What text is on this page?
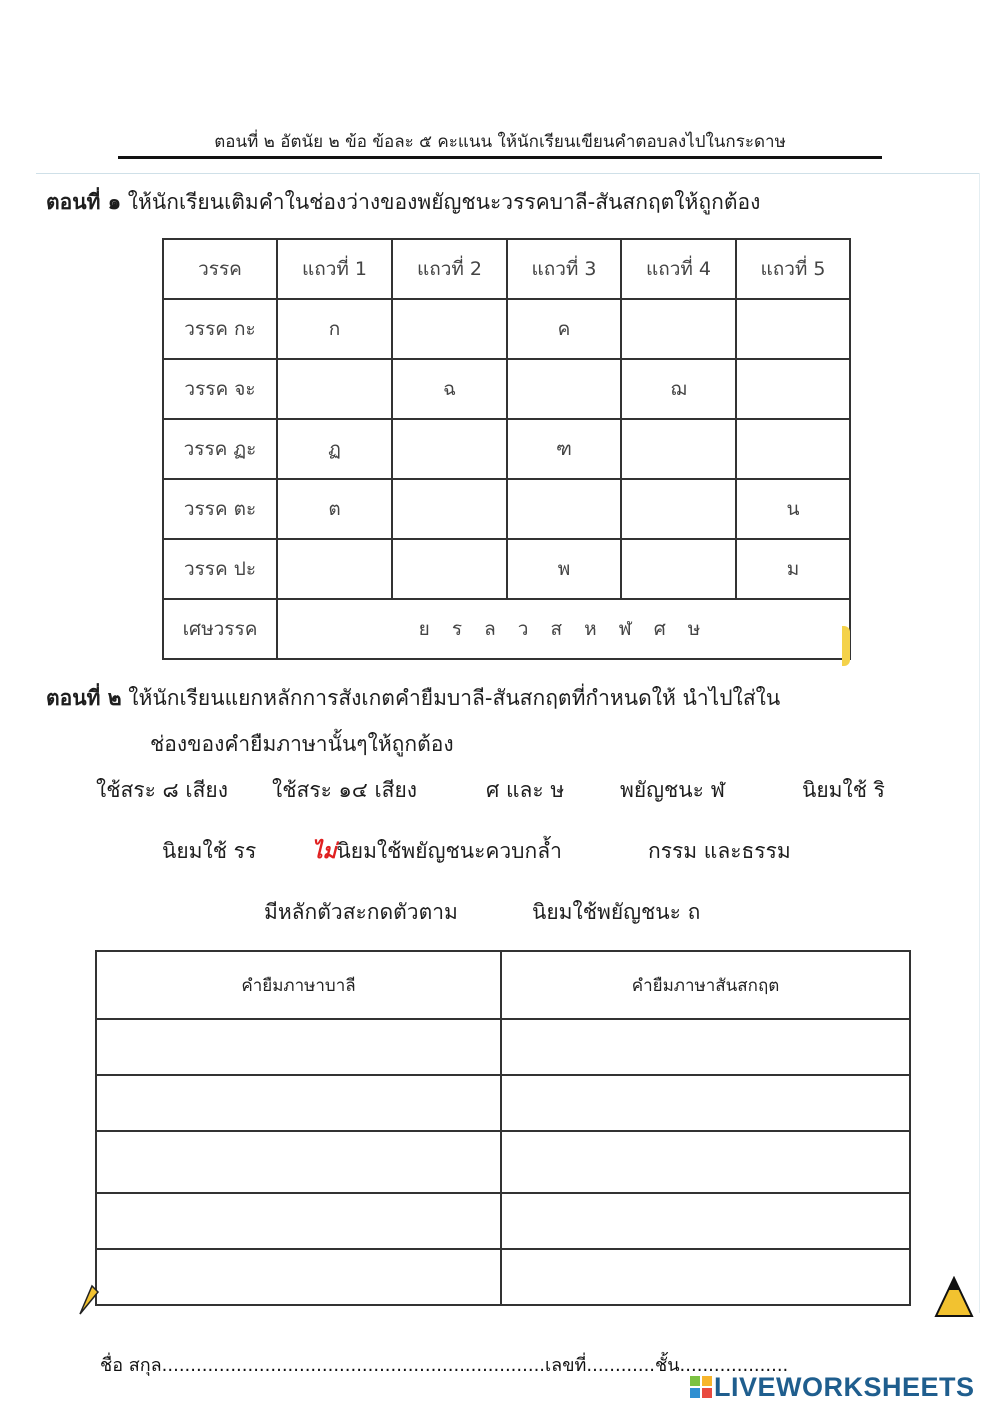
ตอนที่ ๒ อัตนัย ๒ ข้อ ข้อละ ๕ คะแนน ให้นักเรียนเขียนคำตอบลงไปในกระดาษ
ตอนที่ ๑ ให้นักเรียนเติมคำในช่องว่างของพยัญชนะวรรคบาลี-สันสกฤตให้ถูกต้อง
วรรค	แถวที่ 1	แถวที่ 2	แถวที่ 3	แถวที่ 4	แถวที่ 5
วรรค กะ	ก		ค		
วรรค จะ		ฉ		ฌ	
วรรค ฏะ	ฏ		ฑ		
วรรค ตะ	ต				น
วรรค ปะ			พ		ม
เศษวรรค	ย ร ล ว ส ห ฬ ศ ษ				
ตอนที่ ๒ ให้นักเรียนแยกหลักการสังเกตคำยืมบาลี-สันสกฤตที่กำหนดให้ นำไปใส่ใน
ช่องของคำยืมภาษานั้นๆให้ถูกต้อง
ใช้สระ ๘ เสียง ใช้สระ ๑๔ เสียง	ศ และ ษ	พยัญชนะ ฬ	นิยมใช้ ริ
นิยมใช้ รร	ไม่นิยมใช้พยัญชนะควบกล้ำ	กรรม และธรรม
มีหลักตัวสะกดตัวตาม	นิยมใช้พยัญชนะ ถ
คำยืมภาษาบาลี	คำยืมภาษาสันสกฤต

ชื่อ สกุล...................................................................เลขที่............ชั้น...................
LIVEWORKSHEETS
